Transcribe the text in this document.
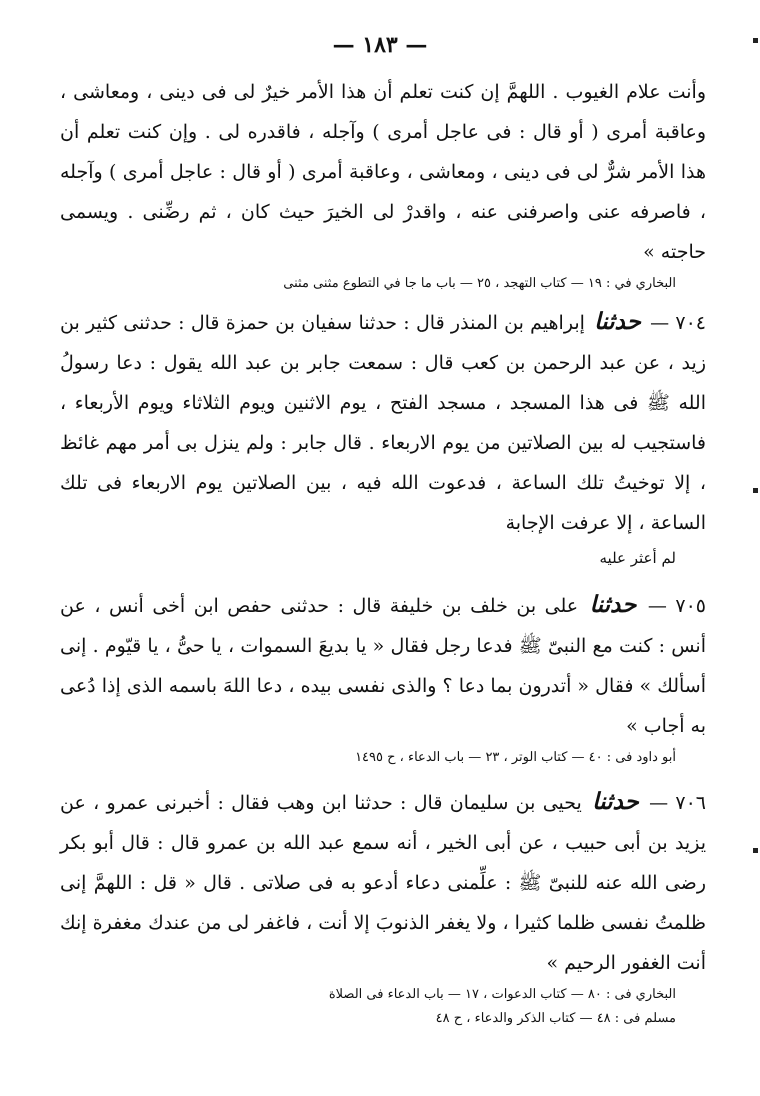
— ١٨٣ —

وأنت علام الغيوب . اللهمَّ إن كنت تعلم أن هذا الأمر خيرٌ لى فى دينى ، ومعاشى ، وعاقبة أمرى ( أو قال : فى عاجل أمرى ) وآجله ، فاقدره لى . وإن كنت تعلم أن هذا الأمر شرٌّ لى فى دينى ، ومعاشى ، وعاقبة أمرى ( أو قال : عاجل أمرى ) وآجله ، فاصرفه عنى واصرفنى عنه ، واقدرْ لى الخيرَ حيث كان ، ثم رضِّنى . ويسمى حاجته »

البخاري في : ١٩ — كتاب التهجد ، ٢٥ — باب ما جا في التطوع مثنى مثنى

٧٠٤ — حدثنا إبراهيم بن المنذر قال : حدثنا سفيان بن حمزة قال : حدثنى كثير بن زيد ، عن عبد الرحمن بن كعب قال : سمعت جابر بن عبد الله يقول : دعا رسولُ الله ﷺ فى هذا المسجد ، مسجد الفتح ، يوم الاثنين ويوم الثلاثاء ويوم الأربعاء ، فاستجيب له بين الصلاتين من يوم الاربعاء . قال جابر : ولم ينزل بى أمر مهم غائظ ، إلا توخيتُ تلك الساعة ، فدعوت الله فيه ، بين الصلاتين يوم الاربعاء فى تلك الساعة ، إلا عرفت الإجابة

لم أعثر عليه

٧٠٥ — حدثنا على بن خلف بن خليفة قال : حدثنى حفص ابن أخى أنس ، عن أنس : كنت مع النبىّ ﷺ فدعا رجل فقال « يا بديعَ السموات ، يا حىُّ ، يا قيّوم . إنى أسألك » فقال « أتدرون بما دعا ؟ والذى نفسى بيده ، دعا اللهَ باسمه الذى إذا دُعى به أجاب »

أبو داود فى : ٤٠ — كتاب الوتر ، ٢٣ — باب الدعاء ، ح ١٤٩٥

٧٠٦ — حدثنا يحيى بن سليمان قال : حدثنا ابن وهب فقال : أخبرنى عمرو ، عن يزيد بن أبى حبيب ، عن أبى الخير ، أنه سمع عبد الله بن عمرو قال : قال أبو بكر رضى الله عنه للنبىّ ﷺ : علِّمنى دعاء أدعو به فى صلاتى . قال « قل : اللهمَّ إنى ظلمتُ نفسى ظلما كثيرا ، ولا يغفر الذنوبَ إلا أنت ، فاغفر لى من عندك مغفرة إنك أنت الغفور الرحيم »

البخاري فى : ٨٠ — كتاب الدعوات ، ١٧ — باب الدعاء فى الصلاة

مسلم فى : ٤٨ — كتاب الذكر والدعاء ، ح ٤٨
